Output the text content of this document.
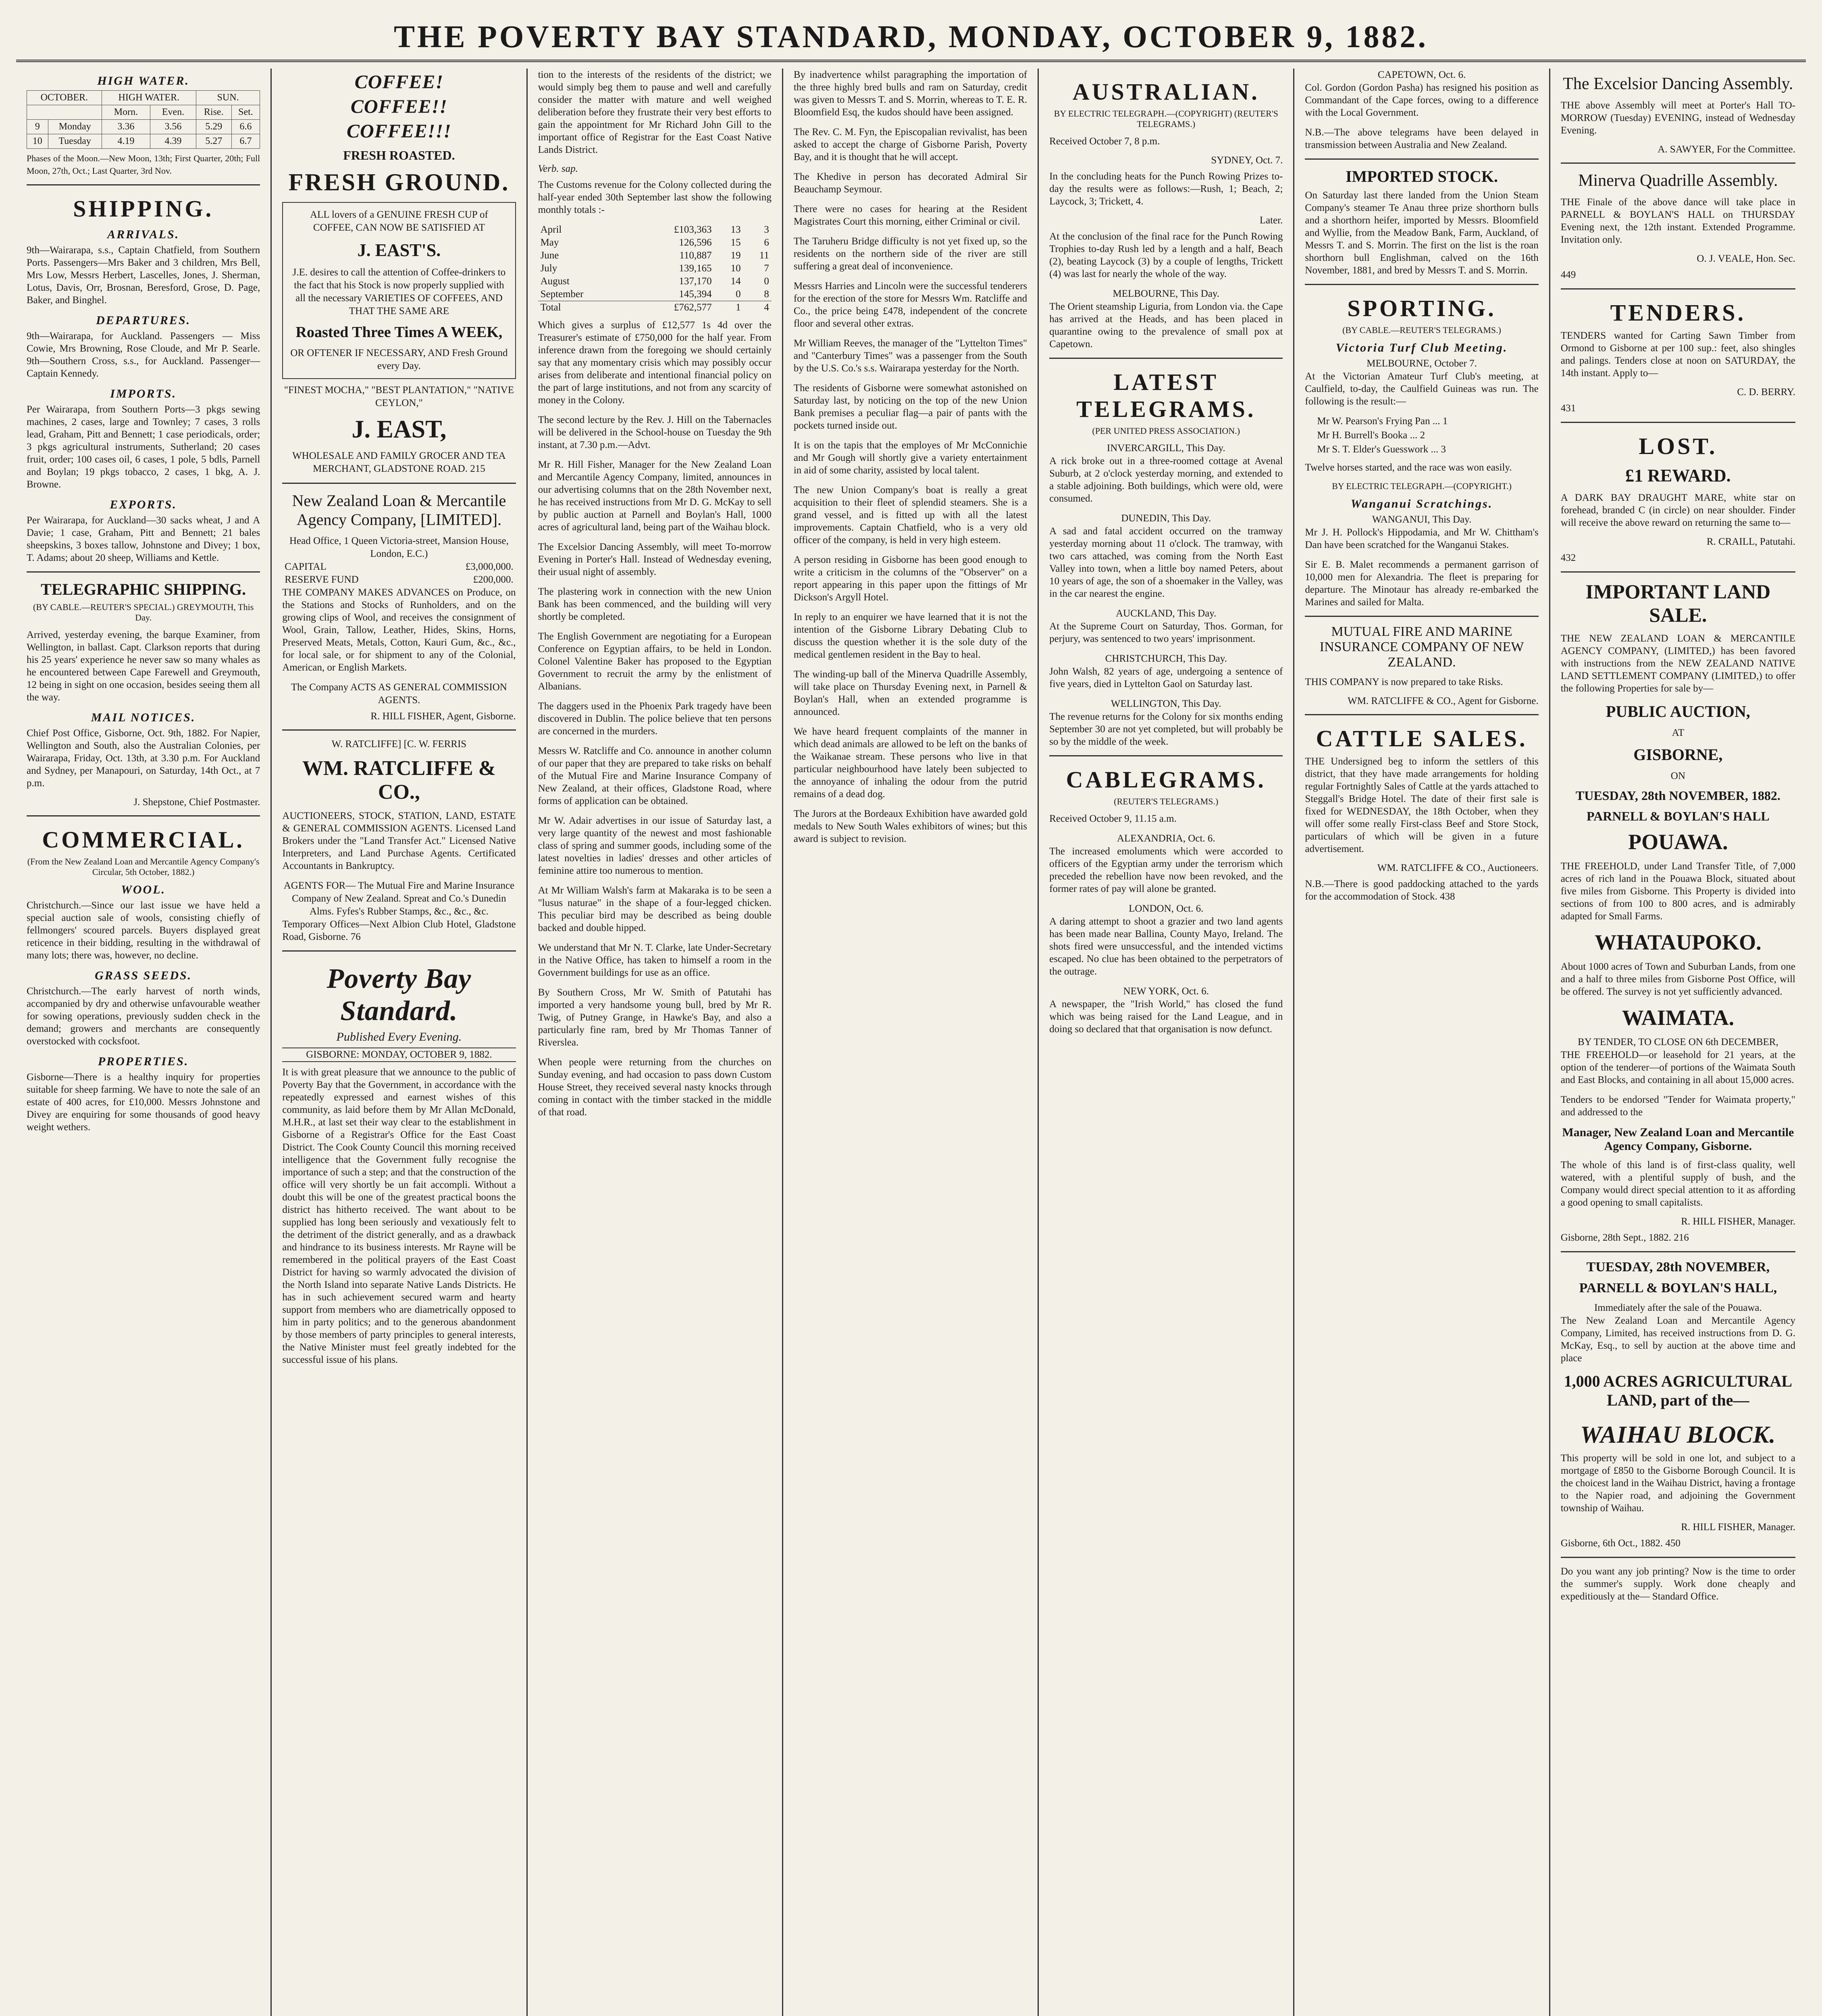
THE POVERTY BAY STANDARD, MONDAY, OCTOBER 9, 1882.
HIGH WATER.
OCTOBER.		HIGH WATER.		SUN.	
		Morn.	Even.	Rise.	Set.
9	Monday	3.36	3.56	5.29	6.6
10	Tuesday	4.19	4.39	5.27	6.7

Phases of the Moon.—New Moon, 13th; First Quarter, 20th; Full Moon, 27th, Oct.; Last Quarter, 3rd Nov.

SHIPPING.
ARRIVALS.

9th—Wairarapa, s.s., Captain Chatfield, from Southern Ports. Passengers—Mrs Baker and 3 children, Mrs Bell, Mrs Low, Messrs Herbert, Lascelles, Jones, J. Sherman, Lotus, Davis, Orr, Brosnan, Beresford, Grose, D. Page, Baker, and Binghel.

DEPARTURES.

9th—Wairarapa, for Auckland. Passengers — Miss Cowie, Mrs Browning, Rose Cloude, and Mr P. Searle. 9th—Southern Cross, s.s., for Auckland. Passenger—Captain Kennedy.

IMPORTS.

Per Wairarapa, from Southern Ports—3 pkgs sewing machines, 2 cases, large and Townley; 7 cases, 3 rolls lead, Graham, Pitt and Bennett; 1 case periodicals, order; 3 pkgs agricultural instruments, Sutherland; 20 cases fruit, order; 100 cases oil, 6 cases, 1 pole, 5 bdls, Parnell and Boylan; 19 pkgs tobacco, 2 cases, 1 bkg, A. J. Browne.

EXPORTS.

Per Wairarapa, for Auckland—30 sacks wheat, J and A Davie; 1 case, Graham, Pitt and Bennett; 21 bales sheepskins, 3 boxes tallow, Johnstone and Divey; 1 box, T. Adams; about 20 sheep, Williams and Kettle.

TELEGRAPHIC SHIPPING.
(BY CABLE.—REUTER'S SPECIAL.) GREYMOUTH, This Day.

Arrived, yesterday evening, the barque Examiner, from Wellington, in ballast. Capt. Clarkson reports that during his 25 years' experience he never saw so many whales as he encountered between Cape Farewell and Greymouth, 12 being in sight on one occasion, besides seeing them all the way.

MAIL NOTICES.

Chief Post Office, Gisborne, Oct. 9th, 1882. For Napier, Wellington and South, also the Australian Colonies, per Wairarapa, Friday, Oct. 13th, at 3.30 p.m. For Auckland and Sydney, per Manapouri, on Saturday, 14th Oct., at 7 p.m.

J. Shepstone, Chief Postmaster.
COMMERCIAL.
(From the New Zealand Loan and Mercantile Agency Company's Circular, 5th October, 1882.)
WOOL.

Christchurch.—Since our last issue we have held a special auction sale of wools, consisting chiefly of fellmongers' scoured parcels. Buyers displayed great reticence in their bidding, resulting in the withdrawal of many lots; there was, however, no decline.

GRASS SEEDS.

Christchurch.—The early harvest of north winds, accompanied by dry and otherwise unfavourable weather for sowing operations, previously sudden check in the demand; growers and merchants are consequently overstocked with cocksfoot.

PROPERTIES.

Gisborne—There is a healthy inquiry for properties suitable for sheep farming. We have to note the sale of an estate of 400 acres, for £10,000. Messrs Johnstone and Divey are enquiring for some thousands of good heavy weight wethers.

COFFEE!
COFFEE!!
COFFEE!!!
FRESH ROASTED.
FRESH GROUND.
ALL lovers of a GENUINE FRESH CUP of COFFEE, CAN NOW BE SATISFIED AT
J. EAST'S.
J.E. desires to call the attention of Coffee-drinkers to the fact that his Stock is now properly supplied with all the necessary VARIETIES OF COFFEES, AND THAT THE SAME ARE
Roasted Three Times A WEEK,
OR OFTENER IF NECESSARY, AND Fresh Ground every Day.
"FINEST MOCHA," "BEST PLANTATION," "NATIVE CEYLON,"
J. EAST,
WHOLESALE AND FAMILY GROCER AND TEA MERCHANT, GLADSTONE ROAD. 215
New Zealand Loan & Mercantile Agency Company, [LIMITED].
Head Office, 1 Queen Victoria-street, Mansion House, London, E.C.)
CAPITAL	£3,000,000.
RESERVE FUND	£200,000.

THE COMPANY MAKES ADVANCES on Produce, on the Stations and Stocks of Runholders, and on the growing clips of Wool, and receives the consignment of Wool, Grain, Tallow, Leather, Hides, Skins, Horns, Preserved Meats, Metals, Cotton, Kauri Gum, &c., &c., for local sale, or for shipment to any of the Colonial, American, or English Markets.

The Company ACTS AS GENERAL COMMISSION AGENTS.
R. HILL FISHER, Agent, Gisborne.
W. RATCLIFFE] [C. W. FERRIS
WM. RATCLIFFE & CO.,

AUCTIONEERS, STOCK, STATION, LAND, ESTATE & GENERAL COMMISSION AGENTS. Licensed Land Brokers under the "Land Transfer Act." Licensed Native Interpreters, and Land Purchase Agents. Certificated Accountants in Bankruptcy.

AGENTS FOR— The Mutual Fire and Marine Insurance Company of New Zealand. Spreat and Co.'s Dunedin Alms. Fyfes's Rubber Stamps, &c., &c., &c.

Temporary Offices—Next Albion Club Hotel, Gladstone Road, Gisborne. 76

Poverty Bay Standard.
Published Every Evening.
GISBORNE: MONDAY, OCTOBER 9, 1882.

It is with great pleasure that we announce to the public of Poverty Bay that the Government, in accordance with the repeatedly expressed and earnest wishes of this community, as laid before them by Mr Allan McDonald, M.H.R., at last set their way clear to the establishment in Gisborne of a Registrar's Office for the East Coast District. The Cook County Council this morning received intelligence that the Government fully recognise the importance of such a step; and that the construction of the office will very shortly be un fait accompli. Without a doubt this will be one of the greatest practical boons the district has hitherto received. The want about to be supplied has long been seriously and vexatiously felt to the detriment of the district generally, and as a drawback and hindrance to its business interests. Mr Rayne will be remembered in the political prayers of the East Coast District for having so warmly advocated the division of the North Island into separate Native Lands Districts. He has in such achievement secured warm and hearty support from members who are diametrically opposed to him in party politics; and to the generous abandonment by those members of party principles to general interests, the Native Minister must feel greatly indebted for the successful issue of his plans.

tion to the interests of the residents of the district; we would simply beg them to pause and well and carefully consider the matter with mature and well weighed deliberation before they frustrate their very best efforts to gain the appointment for Mr Richard John Gill to the important office of Registrar for the East Coast Native Lands District.

Verb. sap.

The Customs revenue for the Colony collected during the half-year ended 30th September last show the following monthly totals :-

April	£103,363	13	3
May	126,596	15	6
June	110,887	19	11
July	139,165	10	7
August	137,170	14	0
September	145,394	0	8
Total	£762,577	1	4

Which gives a surplus of £12,577 1s 4d over the Treasurer's estimate of £750,000 for the half year. From inference drawn from the foregoing we should certainly say that any momentary crisis which may possibly occur arises from deliberate and intentional financial policy on the part of large institutions, and not from any scarcity of money in the Colony.

The second lecture by the Rev. J. Hill on the Tabernacles will be delivered in the School-house on Tuesday the 9th instant, at 7.30 p.m.—Advt.

Mr R. Hill Fisher, Manager for the New Zealand Loan and Mercantile Agency Company, limited, announces in our advertising columns that on the 28th November next, he has received instructions from Mr D. G. McKay to sell by public auction at Parnell and Boylan's Hall, 1000 acres of agricultural land, being part of the Waihau block.

The Excelsior Dancing Assembly, will meet To-morrow Evening in Porter's Hall. Instead of Wednesday evening, their usual night of assembly.

The plastering work in connection with the new Union Bank has been commenced, and the building will very shortly be completed.

The English Government are negotiating for a European Conference on Egyptian affairs, to be held in London. Colonel Valentine Baker has proposed to the Egyptian Government to recruit the army by the enlistment of Albanians.

The daggers used in the Phoenix Park tragedy have been discovered in Dublin. The police believe that ten persons are concerned in the murders.

Messrs W. Ratcliffe and Co. announce in another column of our paper that they are prepared to take risks on behalf of the Mutual Fire and Marine Insurance Company of New Zealand, at their offices, Gladstone Road, where forms of application can be obtained.

Mr W. Adair advertises in our issue of Saturday last, a very large quantity of the newest and most fashionable class of spring and summer goods, including some of the latest novelties in ladies' dresses and other articles of feminine attire too numerous to mention.

At Mr William Walsh's farm at Makaraka is to be seen a "lusus naturae" in the shape of a four-legged chicken. This peculiar bird may be described as being double backed and double hipped.

We understand that Mr N. T. Clarke, late Under-Secretary in the Native Office, has taken to himself a room in the Government buildings for use as an office.

By Southern Cross, Mr W. Smith of Patutahi has imported a very handsome young bull, bred by Mr R. Twig, of Putney Grange, in Hawke's Bay, and also a particularly fine ram, bred by Mr Thomas Tanner of Riverslea.

When people were returning from the churches on Sunday evening, and had occasion to pass down Custom House Street, they received several nasty knocks through coming in contact with the timber stacked in the middle of that road.

By inadvertence whilst paragraphing the importation of the three highly bred bulls and ram on Saturday, credit was given to Messrs T. and S. Morrin, whereas to T. E. R. Bloomfield Esq, the kudos should have been assigned.

The Rev. C. M. Fyn, the Episcopalian revivalist, has been asked to accept the charge of Gisborne Parish, Poverty Bay, and it is thought that he will accept.

The Khedive in person has decorated Admiral Sir Beauchamp Seymour.

There were no cases for hearing at the Resident Magistrates Court this morning, either Criminal or civil.

The Taruheru Bridge difficulty is not yet fixed up, so the residents on the northern side of the river are still suffering a great deal of inconvenience.

Messrs Harries and Lincoln were the successful tenderers for the erection of the store for Messrs Wm. Ratcliffe and Co., the price being £478, independent of the concrete floor and several other extras.

Mr William Reeves, the manager of the "Lyttelton Times" and "Canterbury Times" was a passenger from the South by the U.S. Co.'s s.s. Wairarapa yesterday for the North.

The residents of Gisborne were somewhat astonished on Saturday last, by noticing on the top of the new Union Bank premises a peculiar flag—a pair of pants with the pockets turned inside out.

It is on the tapis that the employes of Mr McConnichie and Mr Gough will shortly give a variety entertainment in aid of some charity, assisted by local talent.

The new Union Company's boat is really a great acquisition to their fleet of splendid steamers. She is a grand vessel, and is fitted up with all the latest improvements. Captain Chatfield, who is a very old officer of the company, is held in very high esteem.

A person residing in Gisborne has been good enough to write a criticism in the columns of the "Observer" on a report appearing in this paper upon the fittings of Mr Dickson's Argyll Hotel.

In reply to an enquirer we have learned that it is not the intention of the Gisborne Library Debating Club to discuss the question whether it is the sole duty of the medical gentlemen resident in the Bay to heal.

The winding-up ball of the Minerva Quadrille Assembly, will take place on Thursday Evening next, in Parnell & Boylan's Hall, when an extended programme is announced.

We have heard frequent complaints of the manner in which dead animals are allowed to be left on the banks of the Waikanae stream. These persons who live in that particular neighbourhood have lately been subjected to the annoyance of inhaling the odour from the putrid remains of a dead dog.

The Jurors at the Bordeaux Exhibition have awarded gold medals to New South Wales exhibitors of wines; but this award is subject to revision.

AUSTRALIAN.
BY ELECTRIC TELEGRAPH.—(COPYRIGHT) (REUTER'S TELEGRAMS.)

Received October 7, 8 p.m.

SYDNEY, Oct. 7.

In the concluding heats for the Punch Rowing Prizes to-day the results were as follows:—Rush, 1; Beach, 2; Laycock, 3; Trickett, 4.

Later.

At the conclusion of the final race for the Punch Rowing Trophies to-day Rush led by a length and a half, Beach (2), beating Laycock (3) by a couple of lengths, Trickett (4) was last for nearly the whole of the way.

MELBOURNE, This Day.

The Orient steamship Liguria, from London via. the Cape has arrived at the Heads, and has been placed in quarantine owing to the prevalence of small pox at Capetown.

LATEST TELEGRAMS.
(PER UNITED PRESS ASSOCIATION.)
INVERCARGILL, This Day.

A rick broke out in a three-roomed cottage at Avenal Suburb, at 2 o'clock yesterday morning, and extended to a stable adjoining. Both buildings, which were old, were consumed.

DUNEDIN, This Day.

A sad and fatal accident occurred on the tramway yesterday morning about 11 o'clock. The tramway, with two cars attached, was coming from the North East Valley into town, when a little boy named Peters, about 10 years of age, the son of a shoemaker in the Valley, was in the car nearest the engine.

AUCKLAND, This Day.

At the Supreme Court on Saturday, Thos. Gorman, for perjury, was sentenced to two years' imprisonment.

CHRISTCHURCH, This Day.

John Walsh, 82 years of age, undergoing a sentence of five years, died in Lyttelton Gaol on Saturday last.

WELLINGTON, This Day.

The revenue returns for the Colony for six months ending September 30 are not yet completed, but will probably be so by the middle of the week.

CABLEGRAMS.
(REUTER'S TELEGRAMS.)

Received October 9, 11.15 a.m.

ALEXANDRIA, Oct. 6.

The increased emoluments which were accorded to officers of the Egyptian army under the terrorism which preceded the rebellion have now been revoked, and the former rates of pay will alone be granted.

LONDON, Oct. 6.

A daring attempt to shoot a grazier and two land agents has been made near Ballina, County Mayo, Ireland. The shots fired were unsuccessful, and the intended victims escaped. No clue has been obtained to the perpetrators of the outrage.

NEW YORK, Oct. 6.

A newspaper, the "Irish World," has closed the fund which was being raised for the Land League, and in doing so declared that that organisation is now defunct.

CAPETOWN, Oct. 6.

Col. Gordon (Gordon Pasha) has resigned his position as Commandant of the Cape forces, owing to a difference with the Local Government.

N.B.—The above telegrams have been delayed in transmission between Australia and New Zealand.

IMPORTED STOCK.

On Saturday last there landed from the Union Steam Company's steamer Te Anau three prize shorthorn bulls and a shorthorn heifer, imported by Messrs. Bloomfield and Wyllie, from the Meadow Bank, Farm, Auckland, of Messrs T. and S. Morrin. The first on the list is the roan shorthorn bull Englishman, calved on the 16th November, 1881, and bred by Messrs T. and S. Morrin.

SPORTING.
(BY CABLE.—REUTER'S TELEGRAMS.)
Victoria Turf Club Meeting.
MELBOURNE, October 7.

At the Victorian Amateur Turf Club's meeting, at Caulfield, to-day, the Caulfield Guineas was run. The following is the result:—

Mr W. Pearson's Frying Pan ... 1

Mr H. Burrell's Booka ... 2

Mr S. T. Elder's Guesswork ... 3

Twelve horses started, and the race was won easily.

BY ELECTRIC TELEGRAPH.—(COPYRIGHT.)
Wanganui Scratchings.
WANGANUI, This Day.

Mr J. H. Pollock's Hippodamia, and Mr W. Chittham's Dan have been scratched for the Wanganui Stakes.

Sir E. B. Malet recommends a permanent garrison of 10,000 men for Alexandria. The fleet is preparing for departure. The Minotaur has already re-embarked the Marines and sailed for Malta.

MUTUAL FIRE AND MARINE INSURANCE COMPANY OF NEW ZEALAND.

THIS COMPANY is now prepared to take Risks.

WM. RATCLIFFE & CO., Agent for Gisborne.
CATTLE SALES.

THE Undersigned beg to inform the settlers of this district, that they have made arrangements for holding regular Fortnightly Sales of Cattle at the yards attached to Steggall's Bridge Hotel. The date of their first sale is fixed for WEDNESDAY, the 18th October, when they will offer some really First-class Beef and Store Stock, particulars of which will be given in a future advertisement.

WM. RATCLIFFE & CO., Auctioneers.

N.B.—There is good paddocking attached to the yards for the accommodation of Stock. 438

The Excelsior Dancing Assembly.

THE above Assembly will meet at Porter's Hall TO-MORROW (Tuesday) EVENING, instead of Wednesday Evening.

A. SAWYER, For the Committee.
Minerva Quadrille Assembly.

THE Finale of the above dance will take place in PARNELL & BOYLAN'S HALL on THURSDAY Evening next, the 12th instant. Extended Programme. Invitation only.

O. J. VEALE, Hon. Sec.

449

TENDERS.

TENDERS wanted for Carting Sawn Timber from Ormond to Gisborne at per 100 sup.: feet, also shingles and palings. Tenders close at noon on SATURDAY, the 14th instant. Apply to—

C. D. BERRY.

431

LOST.
£1 REWARD.

A DARK BAY DRAUGHT MARE, white star on forehead, branded C (in circle) on near shoulder. Finder will receive the above reward on returning the same to—

R. CRAILL, Patutahi.

432

IMPORTANT LAND SALE.

THE NEW ZEALAND LOAN & MERCANTILE AGENCY COMPANY, (LIMITED,) has been favored with instructions from the NEW ZEALAND NATIVE LAND SETTLEMENT COMPANY (LIMITED,) to offer the following Properties for sale by—

PUBLIC AUCTION,
AT
GISBORNE,
ON
TUESDAY, 28th NOVEMBER, 1882.
PARNELL & BOYLAN'S HALL
POUAWA.

THE FREEHOLD, under Land Transfer Title, of 7,000 acres of rich land in the Pouawa Block, situated about five miles from Gisborne. This Property is divided into sections of from 100 to 800 acres, and is admirably adapted for Small Farms.

WHATAUPOKO.

About 1000 acres of Town and Suburban Lands, from one and a half to three miles from Gisborne Post Office, will be offered. The survey is not yet sufficiently advanced.

WAIMATA.
BY TENDER, TO CLOSE ON 6th DECEMBER,

THE FREEHOLD—or leasehold for 21 years, at the option of the tenderer—of portions of the Waimata South and East Blocks, and containing in all about 15,000 acres.

Tenders to be endorsed "Tender for Waimata property," and addressed to the

Manager, New Zealand Loan and Mercantile Agency Company, Gisborne.

The whole of this land is of first-class quality, well watered, with a plentiful supply of bush, and the Company would direct special attention to it as affording a good opening to small capitalists.

R. HILL FISHER, Manager.

Gisborne, 28th Sept., 1882. 216

TUESDAY, 28th NOVEMBER,
PARNELL & BOYLAN'S HALL,
Immediately after the sale of the Pouawa.

The New Zealand Loan and Mercantile Agency Company, Limited, has received instructions from D. G. McKay, Esq., to sell by auction at the above time and place

1,000 ACRES AGRICULTURAL LAND, part of the—
WAIHAU BLOCK.

This property will be sold in one lot, and subject to a mortgage of £850 to the Gisborne Borough Council. It is the choicest land in the Waihau District, having a frontage to the Napier road, and adjoining the Government township of Waihau.

R. HILL FISHER, Manager.

Gisborne, 6th Oct., 1882. 450

Do you want any job printing? Now is the time to order the summer's supply. Work done cheaply and expeditiously at the— Standard Office.
